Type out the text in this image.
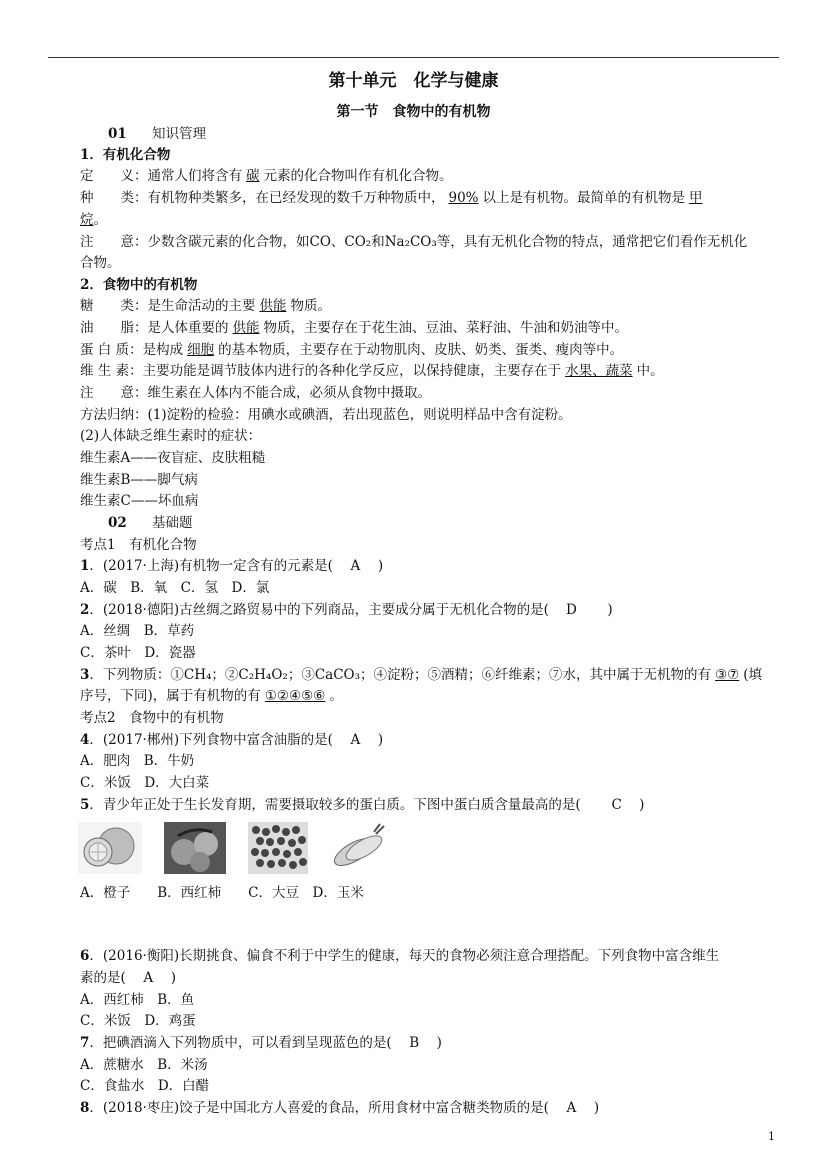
第十单元　化学与健康
第一节　食物中的有机物
01 知识管理
1．有机化合物
定　　义：通常人们将含有 碳 元素的化合物叫作有机化合物。
种　　类：有机物种类繁多，在已经发现的数千万种物质中， 90% 以上是有机物。最简单的有机物是 甲
烷。
注　　意：少数含碳元素的化合物，如CO、CO₂和Na₂CO₃等，具有无机化合物的特点，通常把它们看作无机化
合物。
2．食物中的有机物
糖　　类：是生命活动的主要 供能 物质。
油　　脂：是人体重要的 供能 物质，主要存在于花生油、豆油、菜籽油、牛油和奶油等中。
蛋 白 质：是构成 细胞 的基本物质，主要存在于动物肌肉、皮肤、奶类、蛋类、瘦肉等中。
维 生 素：主要功能是调节肢体内进行的各种化学反应，以保持健康，主要存在于 水果、蔬菜 中。
注　　意：维生素在人体内不能合成，必须从食物中摄取。
方法归纳：(1)淀粉的检验：用碘水或碘酒，若出现蓝色，则说明样品中含有淀粉。
(2)人体缺乏维生素时的症状：
维生素A——夜盲症、皮肤粗糙
维生素B——脚气病
维生素C——坏血病
02 基础题
考点1　有机化合物
1．(2017·上海)有机物一定含有的元素是(　A　)
A．碳　B．氧　C．氢　D．氯
2．(2018·德阳)古丝绸之路贸易中的下列商品，主要成分属于无机化合物的是(　D　　)
A．丝绸　B．草药
C．茶叶　D．瓷器
3．下列物质：①CH₄；②C₂H₄O₂；③CaCO₃；④淀粉；⑤酒精；⑥纤维素；⑦水，其中属于无机物的有 ③⑦ (填
序号，下同)，属于有机物的有 ①②④⑤⑥ 。
考点2　食物中的有机物
4．(2017·郴州)下列食物中富含油脂的是(　A　)
A．肥肉　B．牛奶
C．米饭　D．大白菜
5．青少年正处于生长发育期，需要摄取较多的蛋白质。下图中蛋白质含量最高的是(　　C　)
A．橙子　　B．西红柿　　C．大豆　D．玉米
6．(2016·衡阳)长期挑食、偏食不利于中学生的健康，每天的食物必须注意合理搭配。下列食物中富含维生
素的是(　A　)
A．西红柿　B．鱼
C．米饭　D．鸡蛋
7．把碘酒滴入下列物质中，可以看到呈现蓝色的是(　B　)
A．蔗糖水　B．米汤
C．食盐水　D．白醋
8．(2018·枣庄)饺子是中国北方人喜爱的食品，所用食材中富含糖类物质的是(　A　)
1
